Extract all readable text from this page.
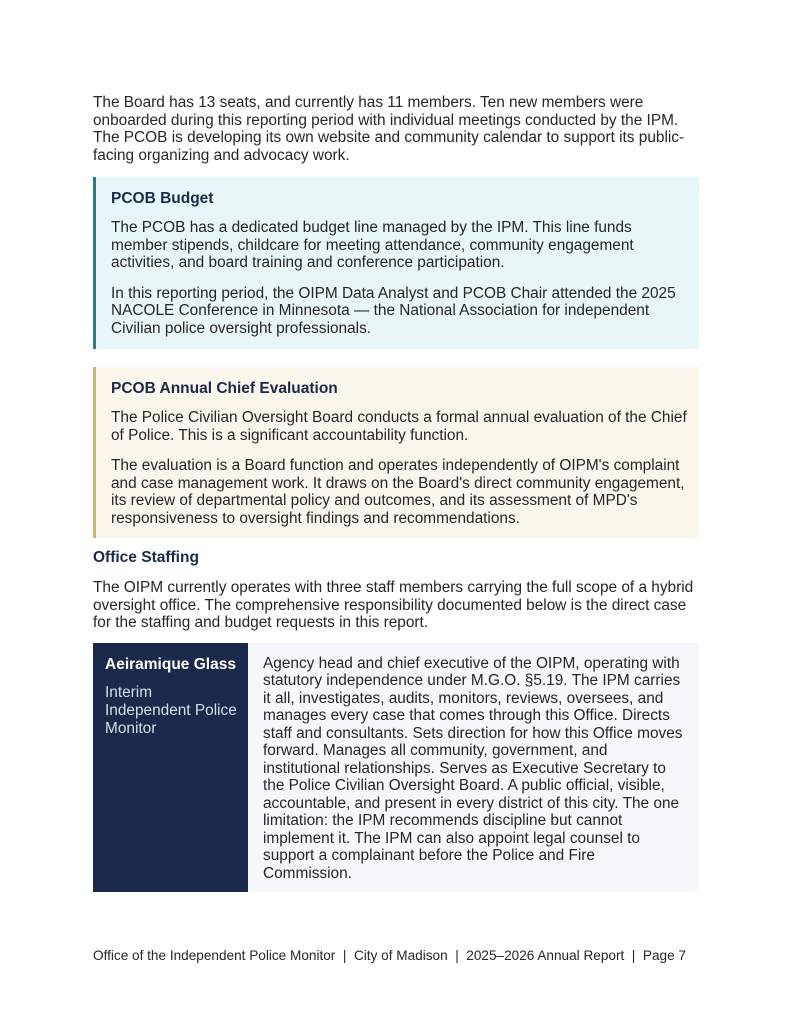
The Board has 13 seats, and currently has 11 members. Ten new members were onboarded during this reporting period with individual meetings conducted by the IPM. The PCOB is developing its own website and community calendar to support its public-facing organizing and advocacy work.

PCOB Budget

The PCOB has a dedicated budget line managed by the IPM. This line funds member stipends, childcare for meeting attendance, community engagement activities, and board training and conference participation.

In this reporting period, the OIPM Data Analyst and PCOB Chair attended the 2025 NACOLE Conference in Minnesota — the National Association for independent Civilian police oversight professionals.

PCOB Annual Chief Evaluation

The Police Civilian Oversight Board conducts a formal annual evaluation of the Chief of Police. This is a significant accountability function.

The evaluation is a Board function and operates independently of OIPM's complaint and case management work. It draws on the Board's direct community engagement, its review of departmental policy and outcomes, and its assessment of MPD's responsiveness to oversight findings and recommendations.

Office Staffing

The OIPM currently operates with three staff members carrying the full scope of a hybrid oversight office. The comprehensive responsibility documented below is the direct case for the staffing and budget requests in this report.

Aeiramique Glass
Interim Independent Police Monitor

Agency head and chief executive of the OIPM, operating with statutory independence under M.G.O. §5.19. The IPM carries it all, investigates, audits, monitors, reviews, oversees, and manages every case that comes through this Office. Directs staff and consultants. Sets direction for how this Office moves forward. Manages all community, government, and institutional relationships. Serves as Executive Secretary to the Police Civilian Oversight Board. A public official, visible, accountable, and present in every district of this city. The one limitation: the IPM recommends discipline but cannot implement it. The IPM can also appoint legal counsel to support a complainant before the Police and Fire Commission.

Office of the Independent Police Monitor  |  City of Madison  |  2025–2026 Annual Report  |  Page 7
